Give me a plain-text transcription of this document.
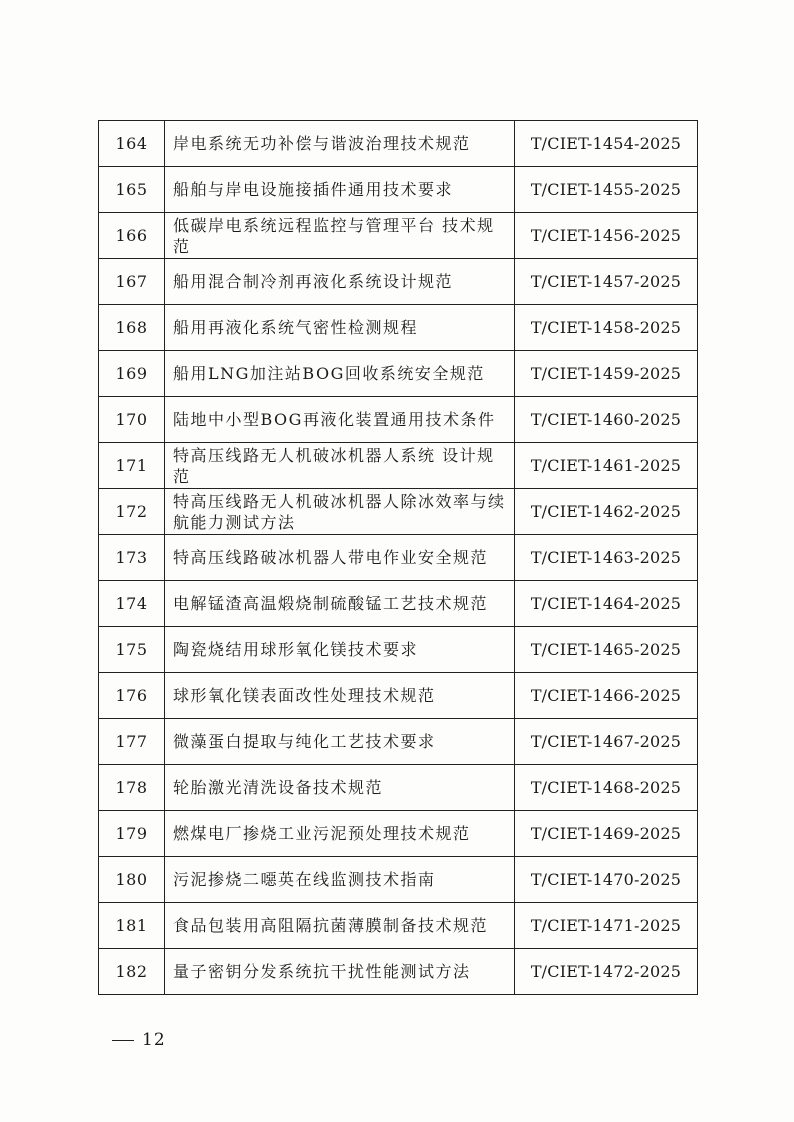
164	岸电系统无功补偿与谐波治理技术规范	T/CIET-1454-2025
165	船舶与岸电设施接插件通用技术要求	T/CIET-1455-2025
166	低碳岸电系统远程监控与管理平台 技术规范	T/CIET-1456-2025
167	船用混合制冷剂再液化系统设计规范	T/CIET-1457-2025
168	船用再液化系统气密性检测规程	T/CIET-1458-2025
169	船用LNG加注站BOG回收系统安全规范	T/CIET-1459-2025
170	陆地中小型BOG再液化装置通用技术条件	T/CIET-1460-2025
171	特高压线路无人机破冰机器人系统 设计规范	T/CIET-1461-2025
172	特高压线路无人机破冰机器人除冰效率与续航能力测试方法	T/CIET-1462-2025
173	特高压线路破冰机器人带电作业安全规范	T/CIET-1463-2025
174	电解锰渣高温煅烧制硫酸锰工艺技术规范	T/CIET-1464-2025
175	陶瓷烧结用球形氧化镁技术要求	T/CIET-1465-2025
176	球形氧化镁表面改性处理技术规范	T/CIET-1466-2025
177	微藻蛋白提取与纯化工艺技术要求	T/CIET-1467-2025
178	轮胎激光清洗设备技术规范	T/CIET-1468-2025
179	燃煤电厂掺烧工业污泥预处理技术规范	T/CIET-1469-2025
180	污泥掺烧二噁英在线监测技术指南	T/CIET-1470-2025
181	食品包装用高阻隔抗菌薄膜制备技术规范	T/CIET-1471-2025
182	量子密钥分发系统抗干扰性能测试方法	T/CIET-1472-2025
12
